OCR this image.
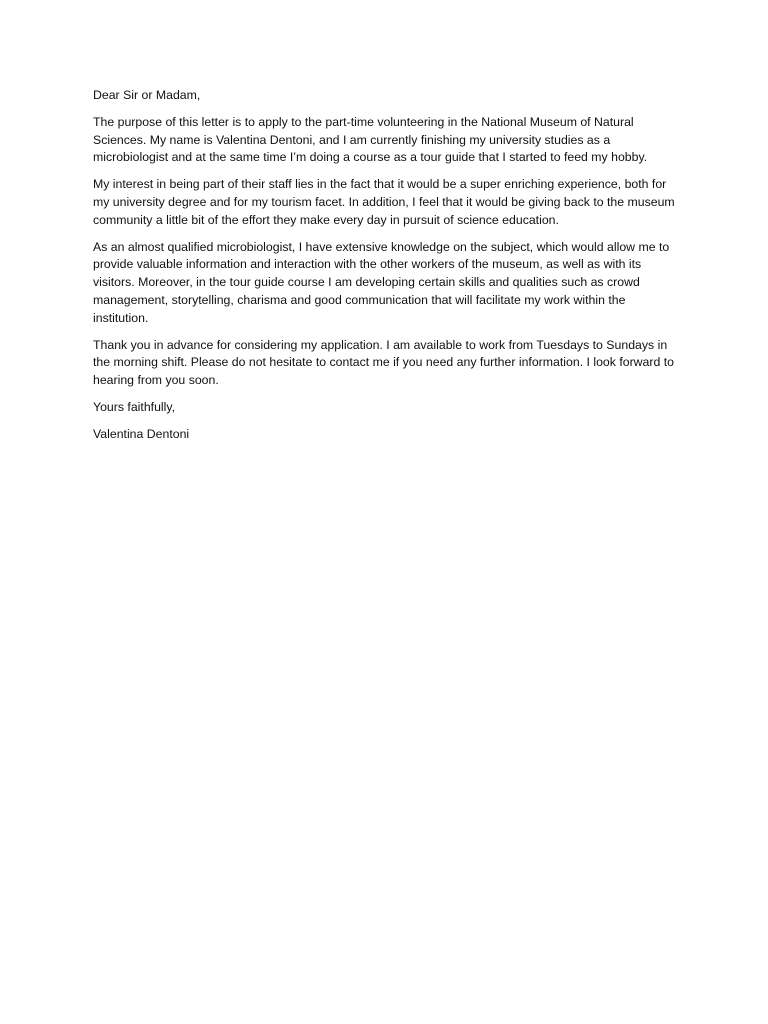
Dear Sir or Madam,

The purpose of this letter is to apply to the part-time volunteering in the National Museum of Natural Sciences. My name is Valentina Dentoni, and I am currently finishing my university studies as a microbiologist and at the same time I’m doing a course as a tour guide that I started to feed my hobby.

My interest in being part of their staff lies in the fact that it would be a super enriching experience, both for my university degree and for my tourism facet. In addition, I feel that it would be giving back to the museum community a little bit of the effort they make every day in pursuit of science education.

As an almost qualified microbiologist, I have extensive knowledge on the subject, which would allow me to provide valuable information and interaction with the other workers of the museum, as well as with its visitors. Moreover, in the tour guide course I am developing certain skills and qualities such as crowd management, storytelling, charisma and good communication that will facilitate my work within the institution.

Thank you in advance for considering my application. I am available to work from Tuesdays to Sundays in the morning shift. Please do not hesitate to contact me if you need any further information. I look forward to hearing from you soon.

Yours faithfully,

Valentina Dentoni
